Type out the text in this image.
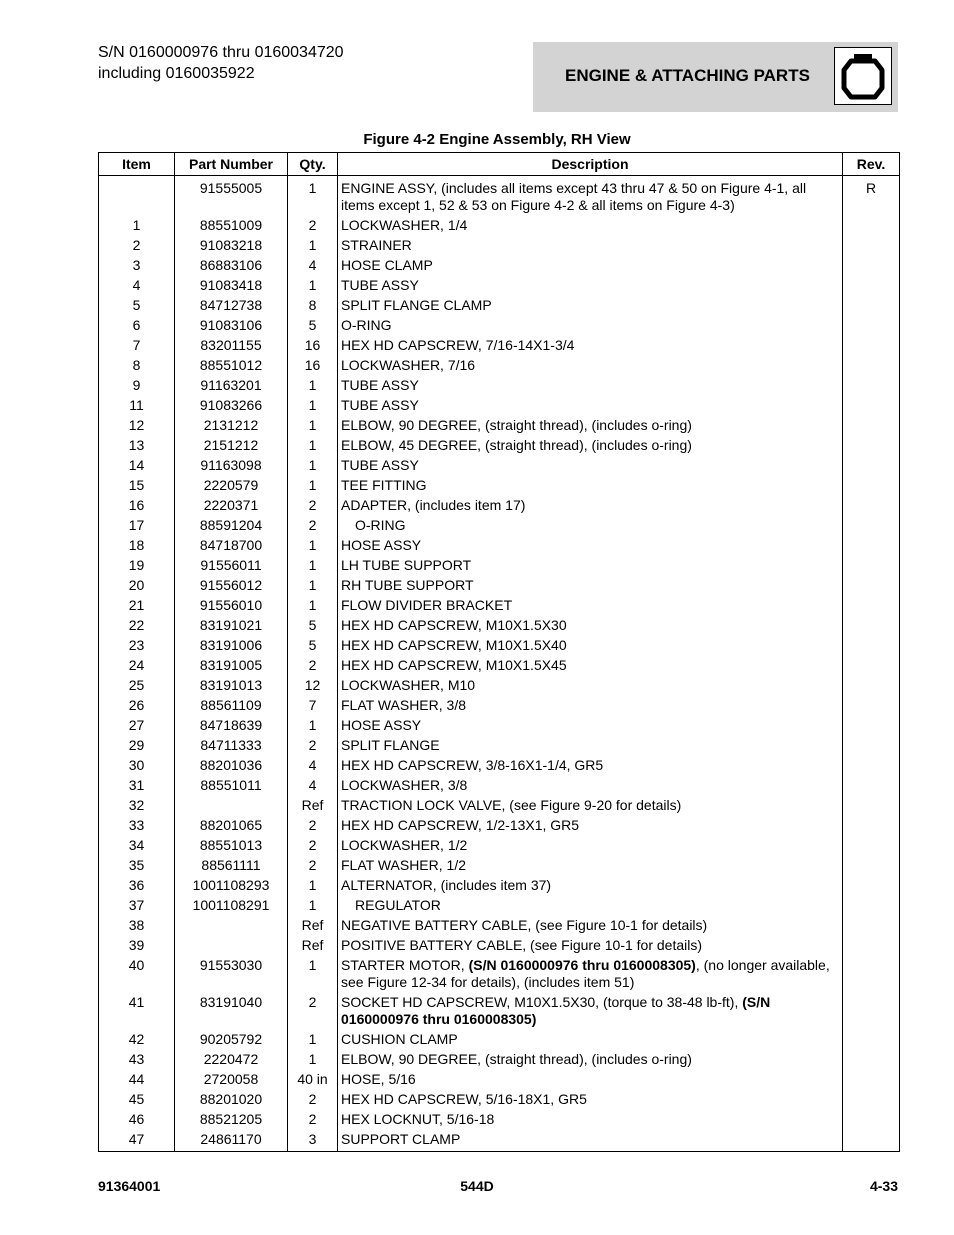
S/N 0160000976 thru 0160034720
including 0160035922	ENGINE & ATTACHING PARTS
Figure 4-2 Engine Assembly, RH View
Item	Part Number	Qty.	Description	Rev.
	91555005	1	ENGINE ASSY, (includes all items except 43 thru 47 & 50 on Figure 4-1, all items except 1, 52 & 53 on Figure 4-2 & all items on Figure 4-3)	R
1	88551009	2	LOCKWASHER, 1/4	
2	91083218	1	STRAINER	
3	86883106	4	HOSE CLAMP	
4	91083418	1	TUBE ASSY	
5	84712738	8	SPLIT FLANGE CLAMP	
6	91083106	5	O-RING	
7	83201155	16	HEX HD CAPSCREW, 7/16-14X1-3/4	
8	88551012	16	LOCKWASHER, 7/16	
9	91163201	1	TUBE ASSY	
11	91083266	1	TUBE ASSY	
12	2131212	1	ELBOW, 90 DEGREE, (straight thread), (includes o-ring)	
13	2151212	1	ELBOW, 45 DEGREE, (straight thread), (includes o-ring)	
14	91163098	1	TUBE ASSY	
15	2220579	1	TEE FITTING	
16	2220371	2	ADAPTER, (includes item 17)	
17	88591204	2	O-RING	
18	84718700	1	HOSE ASSY	
19	91556011	1	LH TUBE SUPPORT	
20	91556012	1	RH TUBE SUPPORT	
21	91556010	1	FLOW DIVIDER BRACKET	
22	83191021	5	HEX HD CAPSCREW, M10X1.5X30	
23	83191006	5	HEX HD CAPSCREW, M10X1.5X40	
24	83191005	2	HEX HD CAPSCREW, M10X1.5X45	
25	83191013	12	LOCKWASHER, M10	
26	88561109	7	FLAT WASHER, 3/8	
27	84718639	1	HOSE ASSY	
29	84711333	2	SPLIT FLANGE	
30	88201036	4	HEX HD CAPSCREW, 3/8-16X1-1/4, GR5	
31	88551011	4	LOCKWASHER, 3/8	
32		Ref	TRACTION LOCK VALVE, (see Figure 9-20 for details)	
33	88201065	2	HEX HD CAPSCREW, 1/2-13X1, GR5	
34	88551013	2	LOCKWASHER, 1/2	
35	88561111	2	FLAT WASHER, 1/2	
36	1001108293	1	ALTERNATOR, (includes item 37)	
37	1001108291	1	REGULATOR	
38		Ref	NEGATIVE BATTERY CABLE, (see Figure 10-1 for details)	
39		Ref	POSITIVE BATTERY CABLE, (see Figure 10-1 for details)	
40	91553030	1	STARTER MOTOR, (S/N 0160000976 thru 0160008305), (no longer available, see Figure 12-34 for details), (includes item 51)	
41	83191040	2	SOCKET HD CAPSCREW, M10X1.5X30, (torque to 38-48 lb-ft), (S/N 0160000976 thru 0160008305)	
42	90205792	1	CUSHION CLAMP	
43	2220472	1	ELBOW, 90 DEGREE, (straight thread), (includes o-ring)	
44	2720058	40 in	HOSE, 5/16	
45	88201020	2	HEX HD CAPSCREW, 5/16-18X1, GR5	
46	88521205	2	HEX LOCKNUT, 5/16-18	
47	24861170	3	SUPPORT CLAMP	
91364001	544D	4-33
